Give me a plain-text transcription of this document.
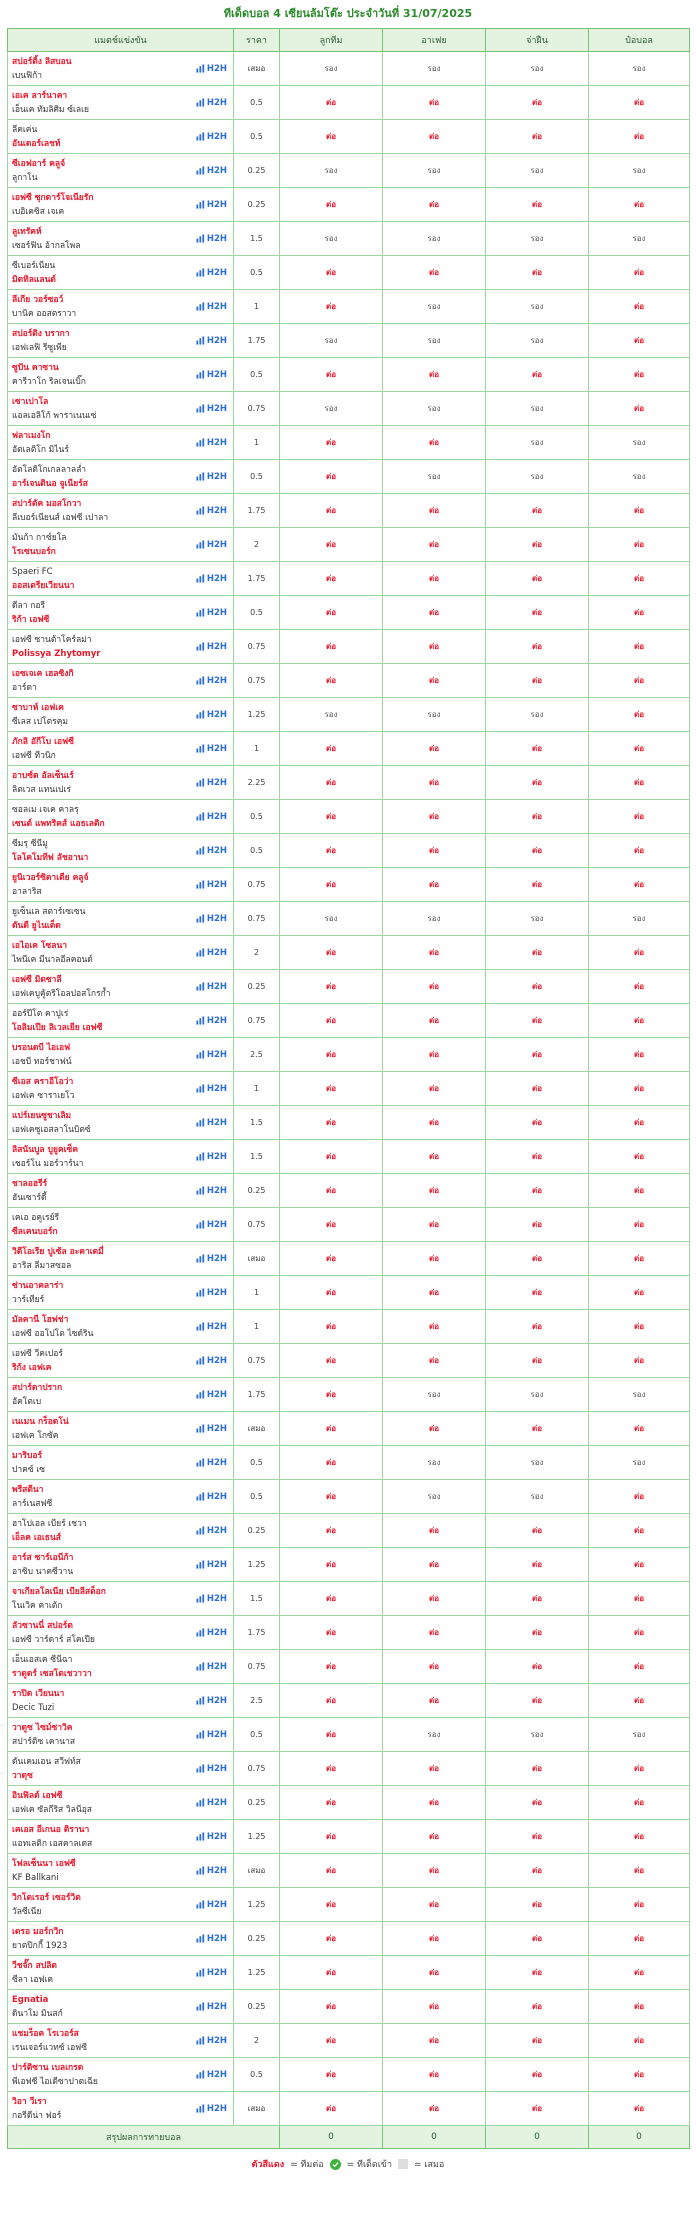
ทีเด็ดบอล 4 เซียนล้มโต๊ะ ประจำวันที่ 31/07/2025
แมตช์แข่งขัน	ราคา	ลูกทีม	อาเฟย	จ่าฝืน	ป๋อบอล

สปอร์ติ้ง ลิสบอน
เบนฟิก้า
H2H	เสมอ	รอง	รอง	รอง	รอง

เอเค ลาร์นาคา
เอ็นเค ทัมลิศิม ซ์เลเย
H2H	0.5	ต่อ	ต่อ	ต่อ	ต่อ

ลีคเค่น
อันเดอร์เลชท์
H2H	0.5	ต่อ	ต่อ	ต่อ	ต่อ

ซีเอฟอาร์ คลูจ์
ลูกาโน
H2H	0.25	รอง	รอง	รอง	รอง

เอฟซี ซุกดาร์โจเนียรัก
เบอิเคซิส เจเค
H2H	0.25	ต่อ	ต่อ	ต่อ	ต่อ

ลูเทรัคห์
เซอร์ฟิน อ้ากลโพล
H2H	1.5	รอง	รอง	รอง	รอง

ซีเบอร์เนียน
มิดทิลแลนด์
H2H	0.5	ต่อ	ต่อ	ต่อ	ต่อ

ลีเกีย วอร์ซอว์
บานิค ออสตราวา
H2H	1	ต่อ	รอง	รอง	ต่อ

สปอร์ติง บรากา
เอฟเลฟิ รีซูเพีย
H2H	1.75	รอง	รอง	รอง	ต่อ

ซูปัน คาซาน
คารีวาโก ริลเจนเบิ๊ก
H2H	0.5	ต่อ	ต่อ	ต่อ	ต่อ

เซาเปาโล
แอลเอลิโก้ พาราเนนเซ่
H2H	0.75	รอง	รอง	รอง	ต่อ

ฟลาเมงโก
อัตเลติโก มิไนร์
H2H	1	ต่อ	ต่อ	รอง	รอง

อัตโลติโกเกลลาลล่ำ
อาร์เจนตินอ จูเนียร์ส
H2H	0.5	ต่อ	รอง	รอง	รอง

สปาร์ตัค มอสโกวา
ลีเบอร์เนียนส์ เอฟซี เปาลา
H2H	1.75	ต่อ	ต่อ	ต่อ	ต่อ

มันก้า กาซ์ยโล
โรเซนบอร์ก
H2H	2	ต่อ	ต่อ	ต่อ	ต่อ

Spaeri FC
ออสเตรียเวียนนา
H2H	1.75	ต่อ	ต่อ	ต่อ	ต่อ

ดีลา กอรี
ริก้า เอฟซี
H2H	0.5	ต่อ	ต่อ	ต่อ	ต่อ

เอฟซี ซานต้าโคร์ลม่า
Polissya Zhytomyr
H2H	0.75	ต่อ	ต่อ	ต่อ	ต่อ

เอซเจเค เฮลซิงกิ
อาร์ดา
H2H	0.75	ต่อ	ต่อ	ต่อ	ต่อ

ซาบาห์ เอฟเค
ซีเลส เปโตรคุม
H2H	1.25	รอง	รอง	รอง	ต่อ

ภักลิ อักีโบ เอฟซี
เอฟซี ทีวนิก
H2H	1	ต่อ	ต่อ	ต่อ	ต่อ

อาบซ์ต อัลเซ็นเร์
ลิตเวส แทนเปเร่
H2H	2.25	ต่อ	ต่อ	ต่อ	ต่อ

ซอลเม เจเค คาลรุ
เซนต์ แพทริคส์ แอธเลติก
H2H	0.5	ต่อ	ต่อ	ต่อ	ต่อ

ซีมรุ ซีนีมู
โลโคโมทีฟ ลัชอานา
H2H	0.5	ต่อ	ต่อ	ต่อ	ต่อ

ยูนิเวอร์ซิตาเตีย คลูจ์
อาลาริส
H2H	0.75	ต่อ	ต่อ	ต่อ	ต่อ

ยูเซ็นเล สตาร์เซเซน
ดันดี ยูไนเต็ด
H2H	0.75	รอง	รอง	รอง	รอง

เอไอเค โซลนา
ไพนีเค มีนาลอีลคอนด์
H2H	2	ต่อ	ต่อ	ต่อ	ต่อ

เอฟซี มิดซาลี
เอฟเคบูคู้ตริโอลปอสโกรก้ำ
H2H	0.25	ต่อ	ต่อ	ต่อ	ต่อ

ออร์ปีโต คาปูเร่
โอลิมเปีย ลิเวลเยีย เอฟซี
H2H	0.75	ต่อ	ต่อ	ต่อ	ต่อ

บรอนดบี ไอเอฟ
เอชบี ทอร์ชาฟน์
H2H	2.5	ต่อ	ต่อ	ต่อ	ต่อ

ซีเอส คราอีโอว่า
เอฟเค ซาราเยโว
H2H	1	ต่อ	ต่อ	ต่อ	ต่อ

แปร์เยนซูชาเลิม
เอฟเคซูเอสลาโนบิตซ์
H2H	1.5	ต่อ	ต่อ	ต่อ	ต่อ

ลิสนันบูล บูยูคเซ็ค
เชอร์โน มอร์วาร์นา
H2H	1.5	ต่อ	ต่อ	ต่อ	ต่อ

ชาลอฮรีร์
ฮันเซาร์ดี้
H2H	0.25	ต่อ	ต่อ	ต่อ	ต่อ

เคเอ อคูเรย์รี
ซีลเคนบอร์ก
H2H	0.75	ต่อ	ต่อ	ต่อ	ต่อ

วิตีโอเรีย ปูเซ้ล อะคาเดมี่
อาริส ลีมาสซอล
H2H	เสมอ	ต่อ	ต่อ	ต่อ	ต่อ

ซ่านอาคลาร่า
วาร์เทียร์
H2H	1	ต่อ	ต่อ	ต่อ	ต่อ

มัลคานี โฮฟช่า
เอฟซี ออโปโต ไซด์ริน
H2H	1	ต่อ	ต่อ	ต่อ	ต่อ

เอฟซี วีคเปอร์
ริก้ง เอฟเค
H2H	0.75	ต่อ	ต่อ	ต่อ	ต่อ

สปาร์ตาปราก
อัคโตเบ
H2H	1.75	ต่อ	รอง	รอง	รอง

เนเมน กร็อดโน่
เอฟเค โกซัค
H2H	เสมอ	ต่อ	ต่อ	ต่อ	ต่อ

มาริบอร์
ปาคซ์ เซ
H2H	0.5	ต่อ	รอง	รอง	รอง

พรีสตีนา
ลาร์เนสฟซี
H2H	0.5	ต่อ	รอง	รอง	ต่อ

ฮาโปเอล เบียร์ เชวา
เอ็ลค เอเธนส์
H2H	0.25	ต่อ	ต่อ	ต่อ	ต่อ

อาร์ส ซาร์เอนีก้า
อาซิบ นาคซีวาน
H2H	1.25	ต่อ	ต่อ	ต่อ	ต่อ

จาเกียลโลเนีย เบียลีสต็อก
โนเวิค คาเต้ก
H2H	1.5	ต่อ	ต่อ	ต่อ	ต่อ

ลัวซานนี่ สปอร์ต
เอฟซี วาร์ดาร์ สโคเปีย
H2H	1.75	ต่อ	ต่อ	ต่อ	ต่อ

เอ็นเอสเค ซีนีฉา
ราดูดร์ เซสโตเชวาวา
H2H	0.75	ต่อ	ต่อ	ต่อ	ต่อ

ราปิด เวียนนา
Decic Tuzi
H2H	2.5	ต่อ	ต่อ	ต่อ	ต่อ

วาดูซ ไซม์ซาวิค
สปาร์ติซ เคานาส
H2H	0.5	ต่อ	รอง	รอง	รอง

ดันเคมเอน สวีฟท์ส
วาดุซ
H2H	0.75	ต่อ	ต่อ	ต่อ	ต่อ

อินฟิลด์ เอฟซี
เอฟเค ซัลกีริส วิลนีอุส
H2H	0.25	ต่อ	ต่อ	ต่อ	ต่อ

เคเอส อีเกนอ ติรานา
แอทเลติก เอสคาลเดส
H2H	1.25	ต่อ	ต่อ	ต่อ	ต่อ

โฟลเซ็นนา เอฟซี
KF Ballkani
H2H	เสมอ	ต่อ	ต่อ	ต่อ	ต่อ

วิกโตเรอร์ เซอร์วิต
วัลซีเนีย
H2H	1.25	ต่อ	ต่อ	ต่อ	ต่อ

เดรอ มอร์กวิก
ยาตปิกกี้ 1923
H2H	0.25	ต่อ	ต่อ	ต่อ	ต่อ

วีชจั๊ก สปลิต
ซีลา เอฟเค
H2H	1.25	ต่อ	ต่อ	ต่อ	ต่อ

Egnatia
ดินาโม มินสก์
H2H	0.25	ต่อ	ต่อ	ต่อ	ต่อ

แชมร็อค โรเวอร์ส
เรนเจอร์แวทซ์ เอฟซี
H2H	2	ต่อ	ต่อ	ต่อ	ต่อ

ปาร์ติซาน เบลเกรด
พีเอฟซี ไอเดีซาปาดเฉีย
H2H	0.5	ต่อ	ต่อ	ต่อ	ต่อ

วิอา วีเรา
กอรีดีน่า ฟอร์
H2H	เสมอ	ต่อ	ต่อ	ต่อ	ต่อ
สรุปผลการทายบอล		0	0	0	0
ตัวสีแดง = ทีมต่อ	= ทีเด็ดเข้า = เสมอ
